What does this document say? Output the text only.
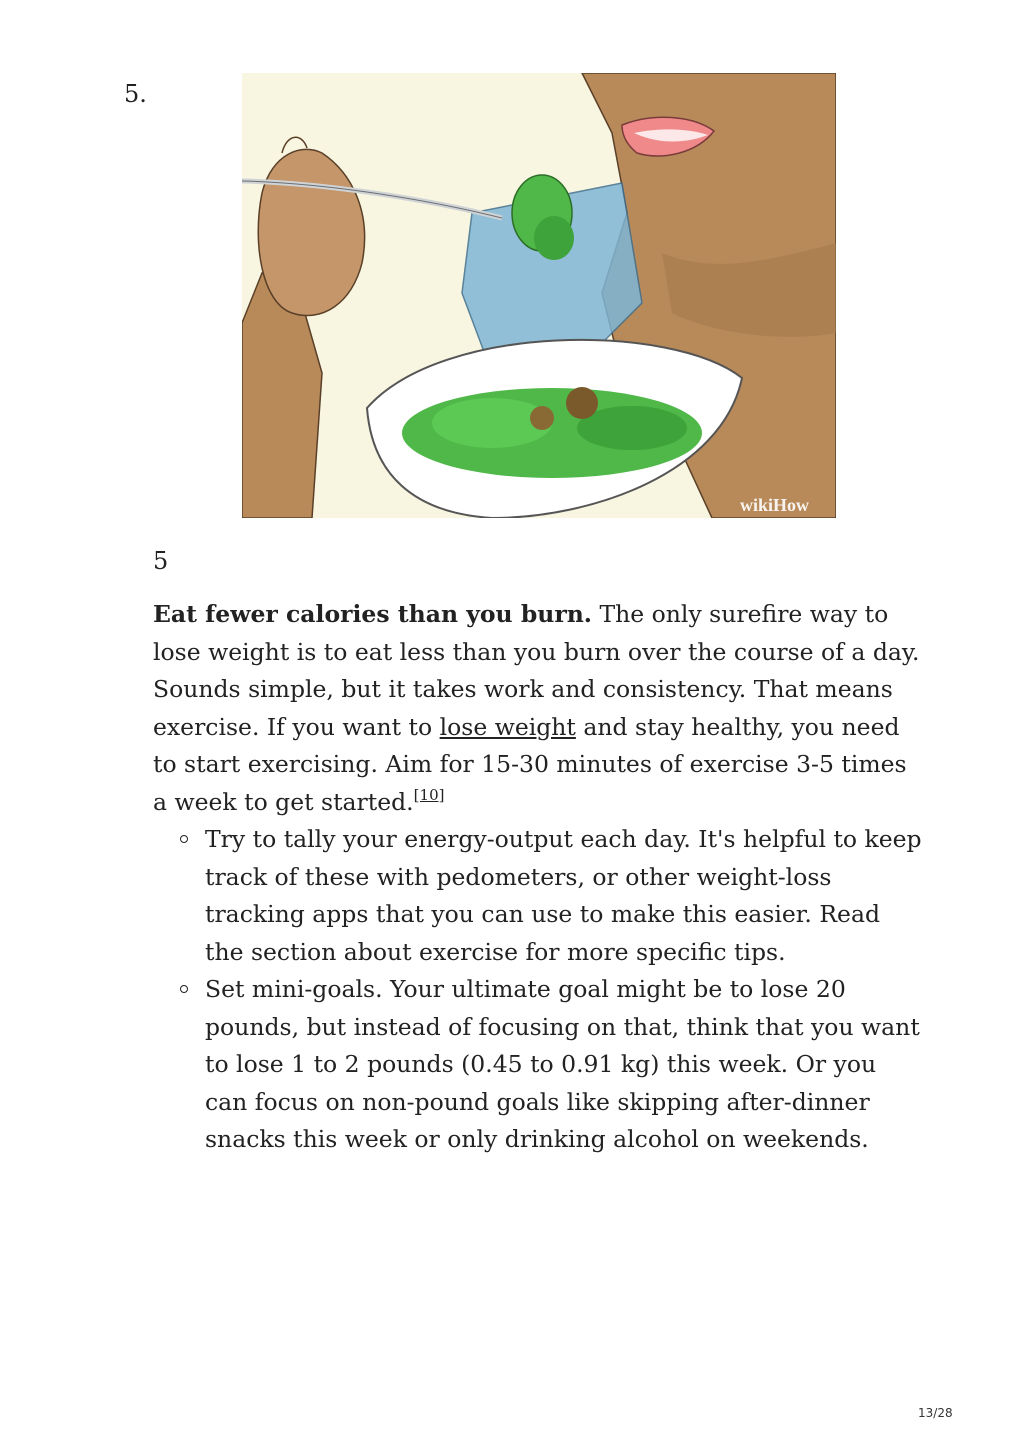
5.
wikiHow
5

Eat fewer calories than you burn. The only surefire way to lose weight is to eat less than you burn over the course of a day. Sounds simple, but it takes work and consistency. That means exercise. If you want to lose weight and stay healthy, you need to start exercising. Aim for 15-30 minutes of exercise 3-5 times a week to get started.[10]

Try to tally your energy-output each day. It's helpful to keep track of these with pedometers, or other weight-loss tracking apps that you can use to make this easier. Read the section about exercise for more specific tips.
Set mini-goals. Your ultimate goal might be to lose 20 pounds, but instead of focusing on that, think that you want to lose 1 to 2 pounds (0.45 to 0.91 kg) this week. Or you can focus on non-pound goals like skipping after-dinner snacks this week or only drinking alcohol on weekends.
13/28
